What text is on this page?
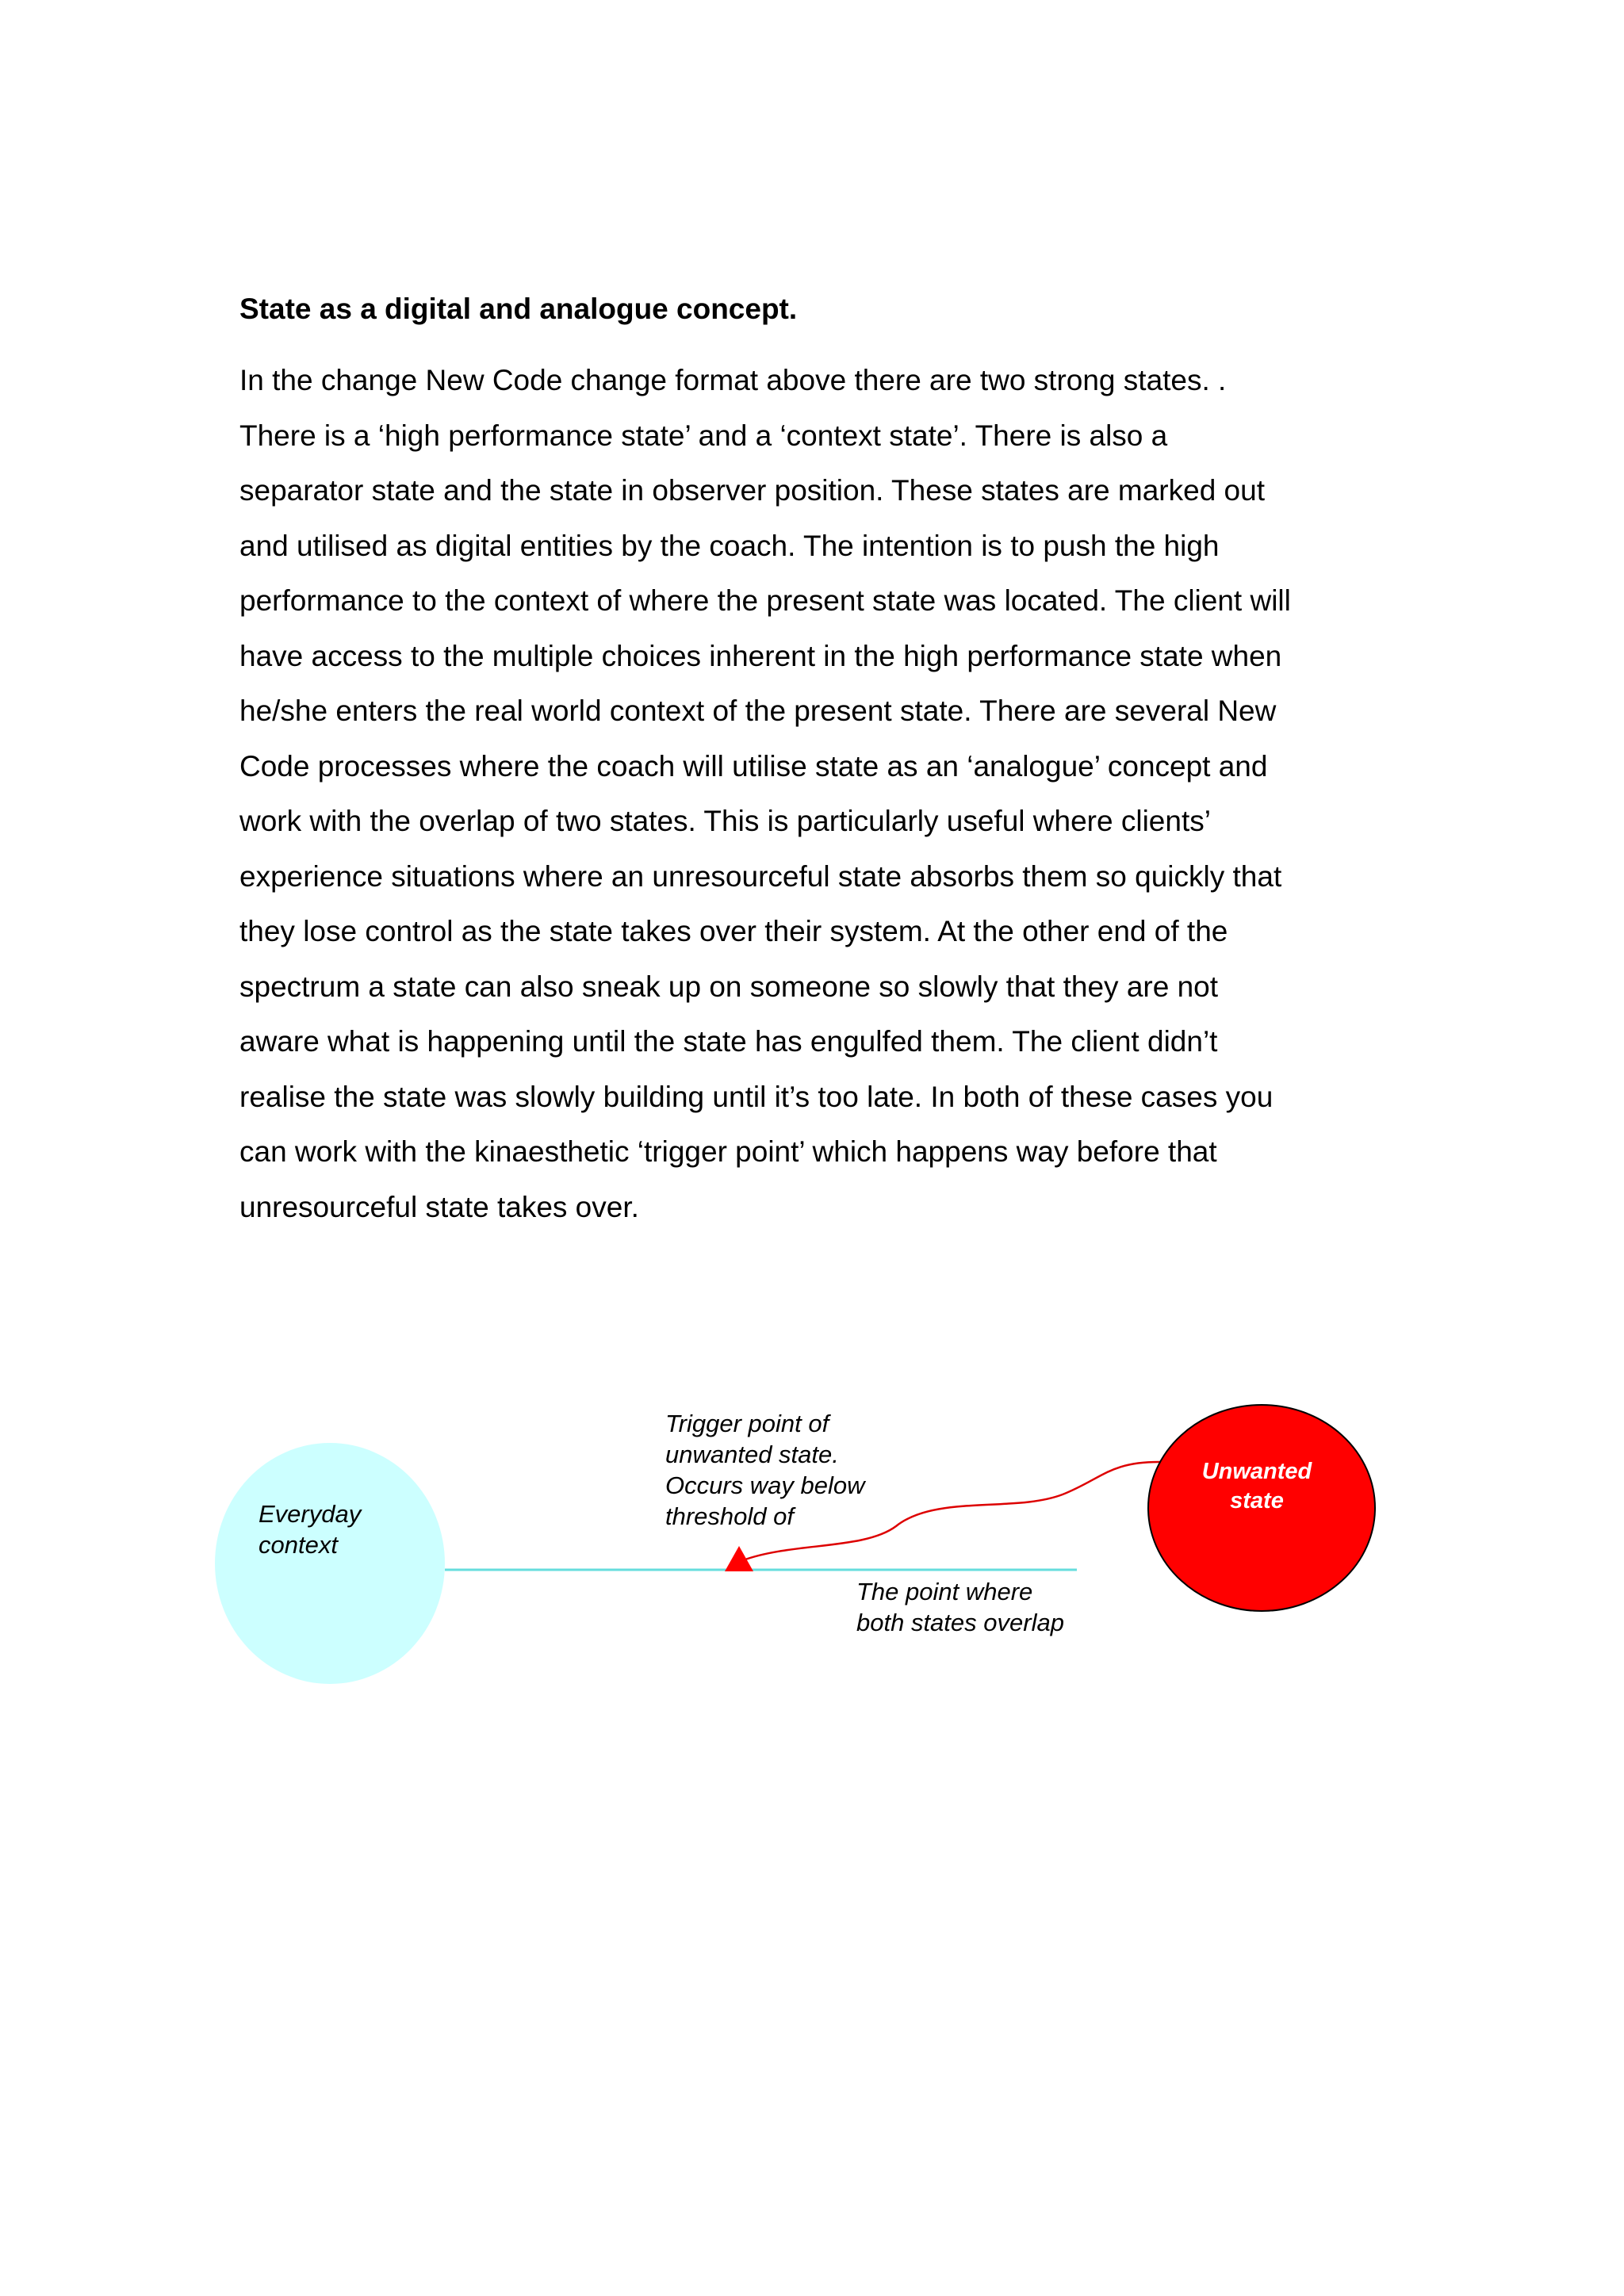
State as a digital and analogue concept.
In the change New Code change format above there are two strong states. .
There is a ‘high performance state’ and a ‘context state’. There is also a
separator state and the state in observer position. These states are marked out
and utilised as digital entities by the coach. The intention is to push the high
performance to the context of where the present state was located. The client will
have access to the multiple choices inherent in the high performance state when
he/she enters the real world context of the present state. There are several New
Code processes where the coach will utilise state as an ‘analogue’ concept and
work with the overlap of two states. This is particularly useful where clients’
experience situations where an unresourceful state absorbs them so quickly that
they lose control as the state takes over their system. At the other end of the
spectrum a state can also sneak up on someone so slowly that they are not
aware what is happening until the state has engulfed them. The client didn’t
realise the state was slowly building until it’s too late. In both of these cases you
can work with the kinaesthetic ‘trigger point’ which happens way before that
unresourceful state takes over.
Everyday
context
Trigger point of
unwanted state.
Occurs way below
threshold of
The point where
both states overlap
Unwanted
state
